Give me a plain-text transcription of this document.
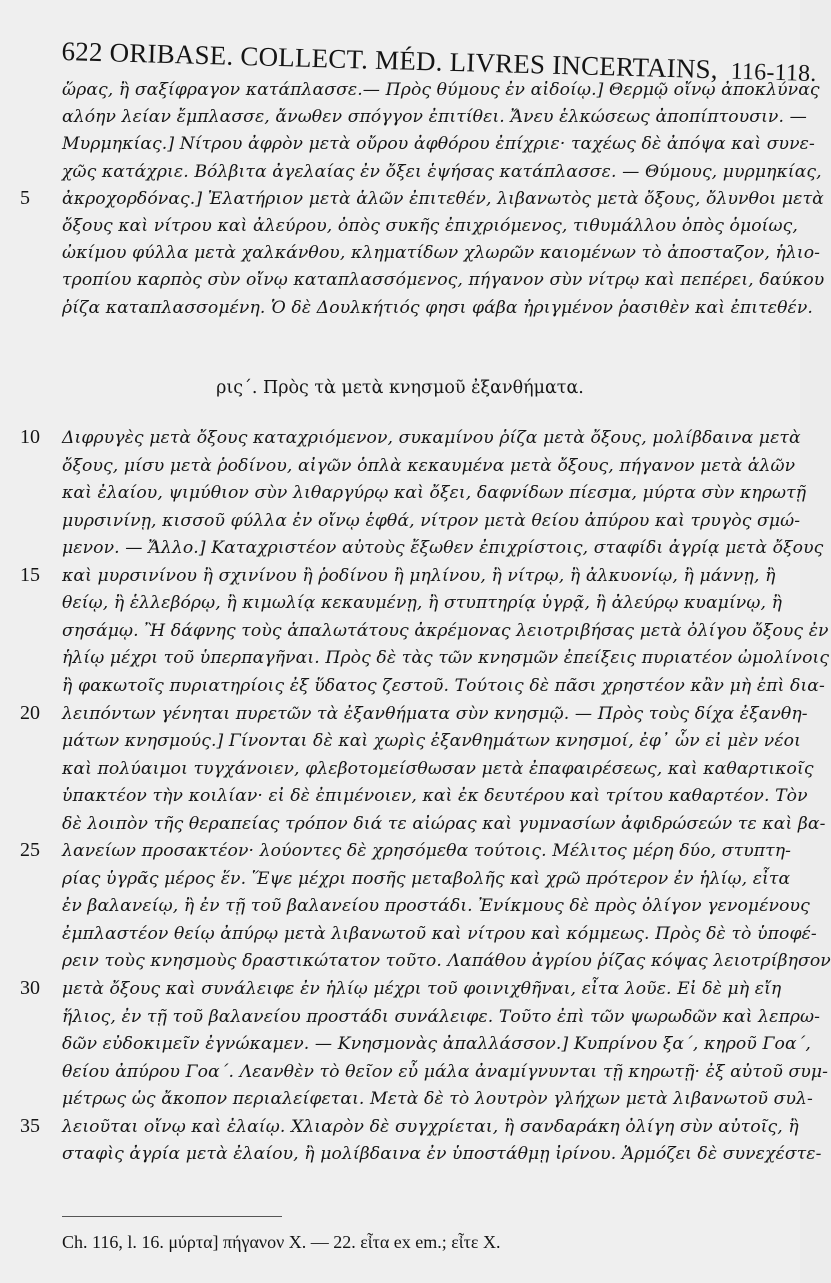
622 ORIBASE. COLLECT. MÉD. LIVRES INCERTAINS, 116-118.
ὥρας, ἢ σαξίφραγον κατάπλασσε.— Πρὸς θύμους ἐν αἰδοίῳ.] Θερμῷ οἴνῳ ἀποκλύνας
αλόην λείαν ἔμπλασσε, ἄνωθεν σπόγγον ἐπιτίθει. Ἄνευ ἑλκώσεως ἀποπίπτουσιν. —
Μυρμηκίας.] Νίτρου ἀφρὸν μετὰ οὔρου ἀφθόρου ἐπίχριε· ταχέως δὲ ἀπόψα καὶ συνε-
χῶς κατάχριε. Βόλβιτα ἀγελαίας ἐν ὄξει ἑψήσας κατάπλασσε. — Θύμους, μυρμηκίας,
ἀκροχορδόνας.] Ἐλατήριον μετὰ ἁλῶν ἐπιτεθέν, λιβανωτὸς μετὰ ὄξους, ὄλυνθοι μετὰ
ὄξους καὶ νίτρου καὶ ἀλεύρου, ὀπὸς συκῆς ἐπιχριόμενος, τιθυμάλλου ὀπὸς ὁμοίως,
ὠκίμου φύλλα μετὰ χαλκάνθου, κληματίδων χλωρῶν καιομένων τὸ ἀποσταζον, ἡλιο-
τροπίου καρπὸς σὺν οἴνῳ καταπλασσόμενος, πήγανον σὺν νίτρῳ καὶ πεπέρει, δαύκου
ῥίζα καταπλασσομένη. Ὁ δὲ Δουλκήτιός φησι φάβα ἠριγμένον ῥασιθὲν καὶ ἐπιτεθέν.
Διφρυγὲς μετὰ ὄξους καταχριόμενον, συκαμίνου ῥίζα μετὰ ὄξους, μολίβδαινα μετὰ
ὄξους, μίσυ μετὰ ῥοδίνου, αἰγῶν ὁπλὰ κεκαυμένα μετὰ ὄξους, πήγανον μετὰ ἁλῶν
καὶ ἐλαίου, ψιμύθιον σὺν λιθαργύρῳ καὶ ὄξει, δαφνίδων πίεσμα, μύρτα σὺν κηρωτῇ
μυρσινίνῃ, κισσοῦ φύλλα ἐν οἴνῳ ἑφθά, νίτρον μετὰ θείου ἀπύρου καὶ τρυγὸς σμώ-
μενον. — Ἄλλο.] Καταχριστέον αὐτοὺς ἔξωθεν ἐπιχρίστοις, σταφίδι ἀγρίᾳ μετὰ ὄξους
καὶ μυρσινίνου ἢ σχινίνου ἢ ῥοδίνου ἢ μηλίνου, ἢ νίτρῳ, ἢ ἀλκυονίῳ, ἢ μάννῃ, ἢ
θείῳ, ἢ ἑλλεβόρῳ, ἢ κιμωλίᾳ κεκαυμένῃ, ἢ στυπτηρίᾳ ὑγρᾷ, ἢ ἀλεύρῳ κυαμίνῳ, ἢ
σησάμῳ. Ἢ δάφνης τοὺς ἁπαλωτάτους ἀκρέμονας λειοτριβήσας μετὰ ὀλίγου ὄξους ἐν
ἡλίῳ μέχρι τοῦ ὑπερπαγῆναι. Πρὸς δὲ τὰς τῶν κνησμῶν ἐπείξεις πυριατέον ὠμολίνοις
ἢ φακωτοῖς πυριατηρίοις ἐξ ὕδατος ζεστοῦ. Τούτοις δὲ πᾶσι χρηστέον κἂν μὴ ἐπὶ δια-
λειπόντων γένηται πυρετῶν τὰ ἐξανθήματα σὺν κνησμῷ. — Πρὸς τοὺς δίχα ἐξανθη-
μάτων κνησμούς.] Γίνονται δὲ καὶ χωρὶς ἐξανθημάτων κνησμοί, ἐφ᾽ ὧν εἰ μὲν νέοι
καὶ πολύαιμοι τυγχάνοιεν, φλεβοτομείσθωσαν μετὰ ἐπαφαιρέσεως, καὶ καθαρτικοῖς
ὑπακτέον τὴν κοιλίαν· εἰ δὲ ἐπιμένοιεν, καὶ ἐκ δευτέρου καὶ τρίτου καθαρτέον. Τὸν
δὲ λοιπὸν τῆς θεραπείας τρόπον διά τε αἰώρας καὶ γυμνασίων ἀφιδρώσεών τε καὶ βα-
λανείων προσακτέον· λούοντες δὲ χρησόμεθα τούτοις. Μέλιτος μέρη δύο, στυπτη-
ρίας ὑγρᾶς μέρος ἕν. Ἕψε μέχρι ποσῆς μεταβολῆς καὶ χρῶ πρότερον ἐν ἡλίῳ, εἶτα
ἐν βαλανείῳ, ἢ ἐν τῇ τοῦ βαλανείου προστάδι. Ἐνίκμους δὲ πρὸς ὀλίγον γενομένους
ἐμπλαστέον θείῳ ἀπύρῳ μετὰ λιβανωτοῦ καὶ νίτρου καὶ κόμμεως. Πρὸς δὲ τὸ ὑποφέ-
ρειν τοὺς κνησμοὺς δραστικώτατον τοῦτο. Λαπάθου ἀγρίου ῥίζας κόψας λειοτρίβησον
μετὰ ὄξους καὶ συνάλειφε ἐν ἡλίῳ μέχρι τοῦ φοινιχθῆναι, εἶτα λοῦε. Εἰ δὲ μὴ εἴη
ἥλιος, ἐν τῇ τοῦ βαλανείου προστάδι συνάλειφε. Τοῦτο ἐπὶ τῶν ψωρωδῶν καὶ λεπρω-
δῶν εὐδοκιμεῖν ἐγνώκαμεν. — Κνησμονὰς ἀπαλλάσσον.] Κυπρίνου ξα΄, κηροῦ Γοα΄,
θείου ἀπύρου Γοα΄. Λεανθὲν τὸ θεῖον εὖ μάλα ἀναμίγνυνται τῇ κηρωτῇ· ἐξ αὐτοῦ συμ-
μέτρως ὡς ἄκοπον περιαλείφεται. Μετὰ δὲ τὸ λουτρὸν γλήχων μετὰ λιβανωτοῦ συλ-
λειοῦται οἴνῳ καὶ ἐλαίῳ. Χλιαρὸν δὲ συγχρίεται, ἢ σανδαράκη ὀλίγη σὺν αὐτοῖς, ἢ
σταφὶς ἀγρία μετὰ ἐλαίου, ἢ μολίβδαινα ἐν ὑποστάθμῃ ἰρίνου. Ἁρμόζει δὲ συνεχέστε-
5
10
15
20
25
30
35
ρις΄. Πρὸς τὰ μετὰ κνησμοῦ ἐξανθήματα.
Ch. 116, l. 16. μύρτα] πήγανον X. — 22. εἶτα ex em.; εἶτε X.
